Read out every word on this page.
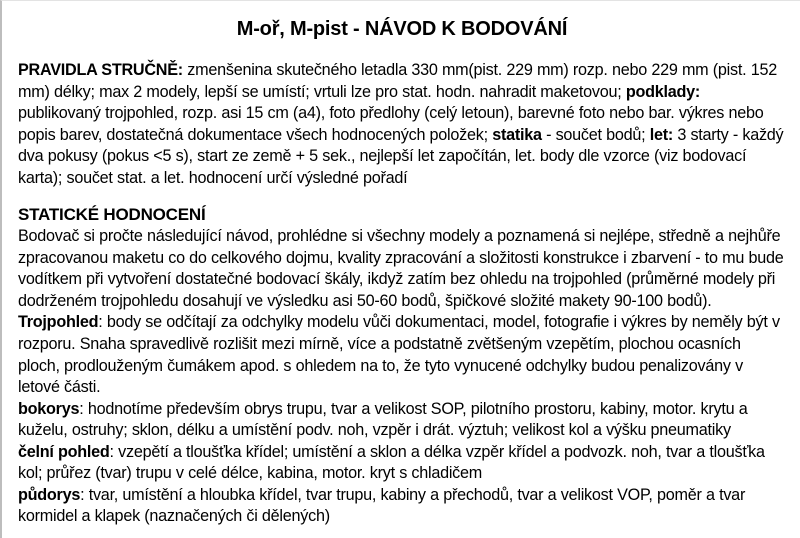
M-oř, M-pist - NÁVOD K BODOVÁNÍ

PRAVIDLA STRUČNĚ: zmenšenina skutečného letadla 330 mm(pist. 229 mm) rozp. nebo 229 mm (pist. 152 mm) délky; max 2 modely, lepší se umístí; vrtuli lze pro stat. hodn. nahradit maketovou; podklady: publikovaný trojpohled, rozp. asi 15 cm (a4), foto předlohy (celý letoun), barevné foto nebo bar. výkres nebo popis barev, dostatečná dokumentace všech hodnocených položek; statika - součet bodů; let: 3 starty - každý dva pokusy (pokus <5 s), start ze země + 5 sek., nejlepší let započítán, let. body dle vzorce (viz bodovací karta); součet stat. a let. hodnocení určí výsledné pořadí

STATICKÉ HODNOCENÍ

Bodovač si pročte následující návod, prohlédne si všechny modely a poznamená si nejlépe, středně a nejhůře zpracovanou maketu co do celkového dojmu, kvality zpracování a složitosti konstrukce i zbarvení - to mu bude vodítkem při vytvoření dostatečné bodovací škály, ikdyž zatím bez ohledu na trojpohled (průměrné modely při dodrženém trojpohledu dosahují ve výsledku asi 50-60 bodů, špičkové složité makety 90-100 bodů).

Trojpohled: body se odčítají za odchylky modelu vůči dokumentaci, model, fotografie i výkres by neměly být v rozporu. Snaha spravedlivě rozlišit mezi mírně, více a podstatně zvětšeným vzepětím, plochou ocasních ploch, prodlouženým čumákem apod. s ohledem na to, že tyto vynucené odchylky budou penalizovány v letové části.

bokorys: hodnotíme především obrys trupu, tvar a velikost SOP, pilotního prostoru, kabiny, motor. krytu a kuželu, ostruhy; sklon, délku a umístění podv. noh, vzpěr i drát. výztuh; velikost kol a výšku pneumatiky

čelní pohled: vzepětí a tloušťka křídel; umístění a sklon a délka vzpěr křídel a podvozk. noh, tvar a tloušťka kol; průřez (tvar) trupu v celé délce, kabina, motor. kryt s chladičem

půdorys: tvar, umístění a hloubka křídel, tvar trupu, kabiny a přechodů, tvar a velikost VOP, poměr a tvar kormidel a klapek (naznačených či dělených)
